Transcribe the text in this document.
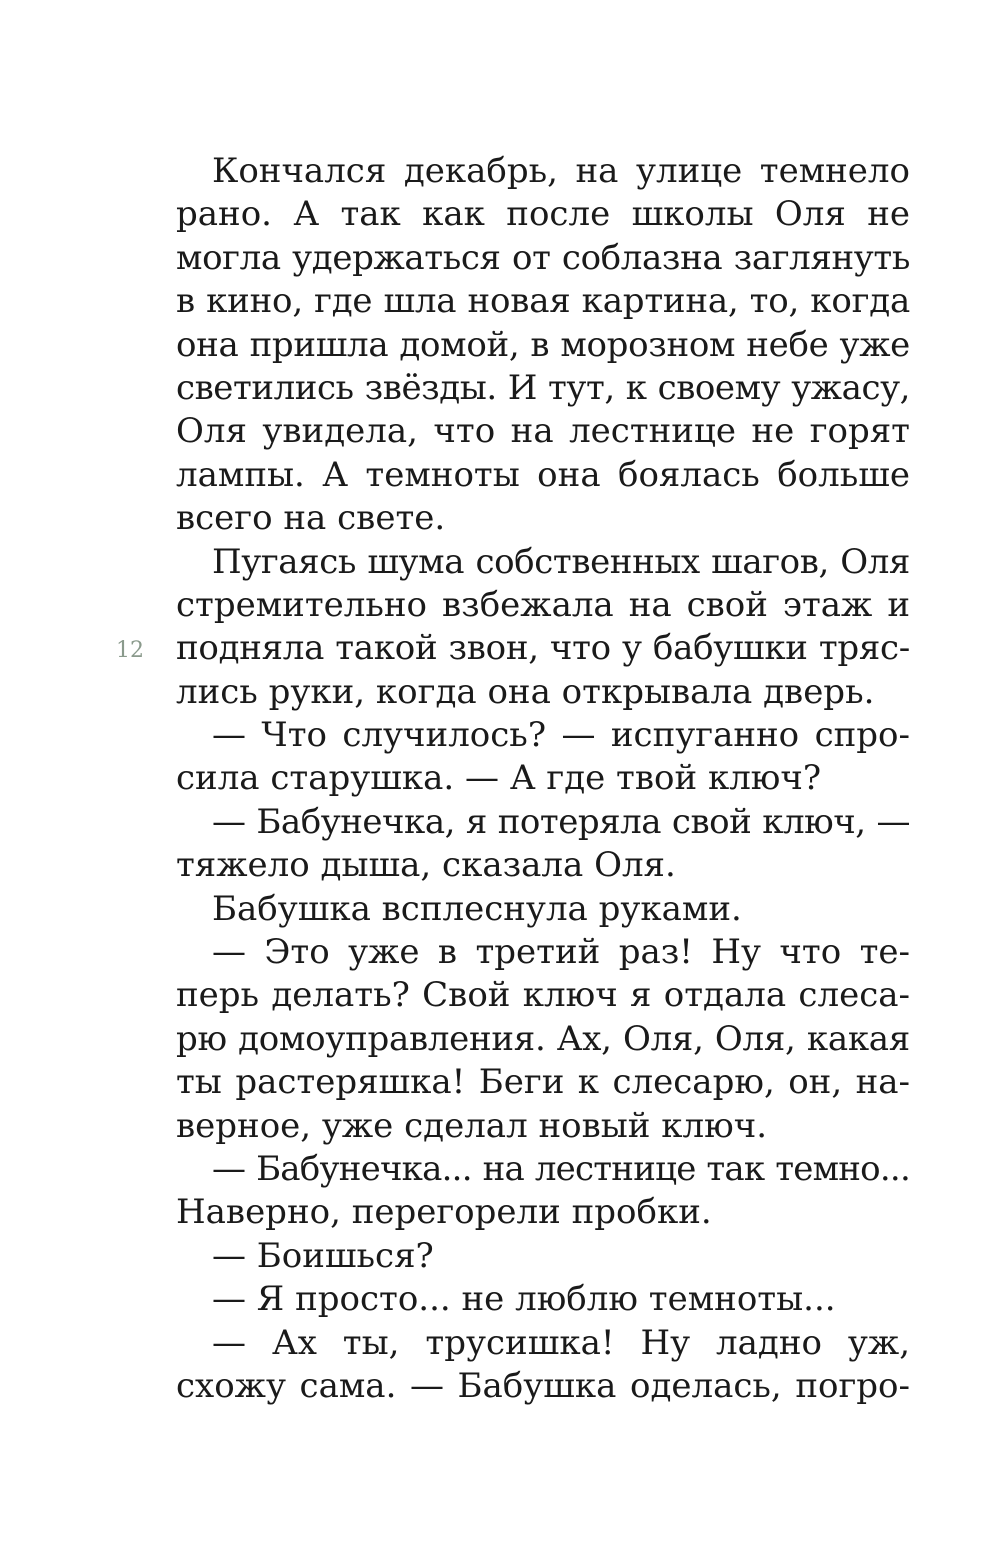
12
Кончался декабрь, на улице темнело
рано. А так как после школы Оля не
могла удержаться от соблазна заглянуть
в кино, где шла новая картина, то, когда
она пришла домой, в морозном небе уже
светились звёзды. И тут, к своему ужасу,
Оля увидела, что на лестнице не горят
лампы. А темноты она боялась больше
всего на свете.
Пугаясь шума собственных шагов, Оля
стремительно взбежала на свой этаж и
подняла такой звон, что у бабушки тряс-
лись руки, когда она открывала дверь.
— Что случилось? — испуганно спро-
сила старушка. — А где твой ключ?
— Бабунечка, я потеряла свой ключ, —
тяжело дыша, сказала Оля.
Бабушка всплеснула руками.
— Это уже в третий раз! Ну что те-
перь делать? Свой ключ я отдала слеса-
рю домоуправления. Ах, Оля, Оля, какая
ты растеряшка! Беги к слесарю, он, на-
верное, уже сделал новый ключ.
— Бабунечка... на лестнице так темно...
Наверно, перегорели пробки.
— Боишься?
— Я просто... не люблю темноты...
— Ах ты, трусишка! Ну ладно уж,
схожу сама. — Бабушка оделась, погро-
